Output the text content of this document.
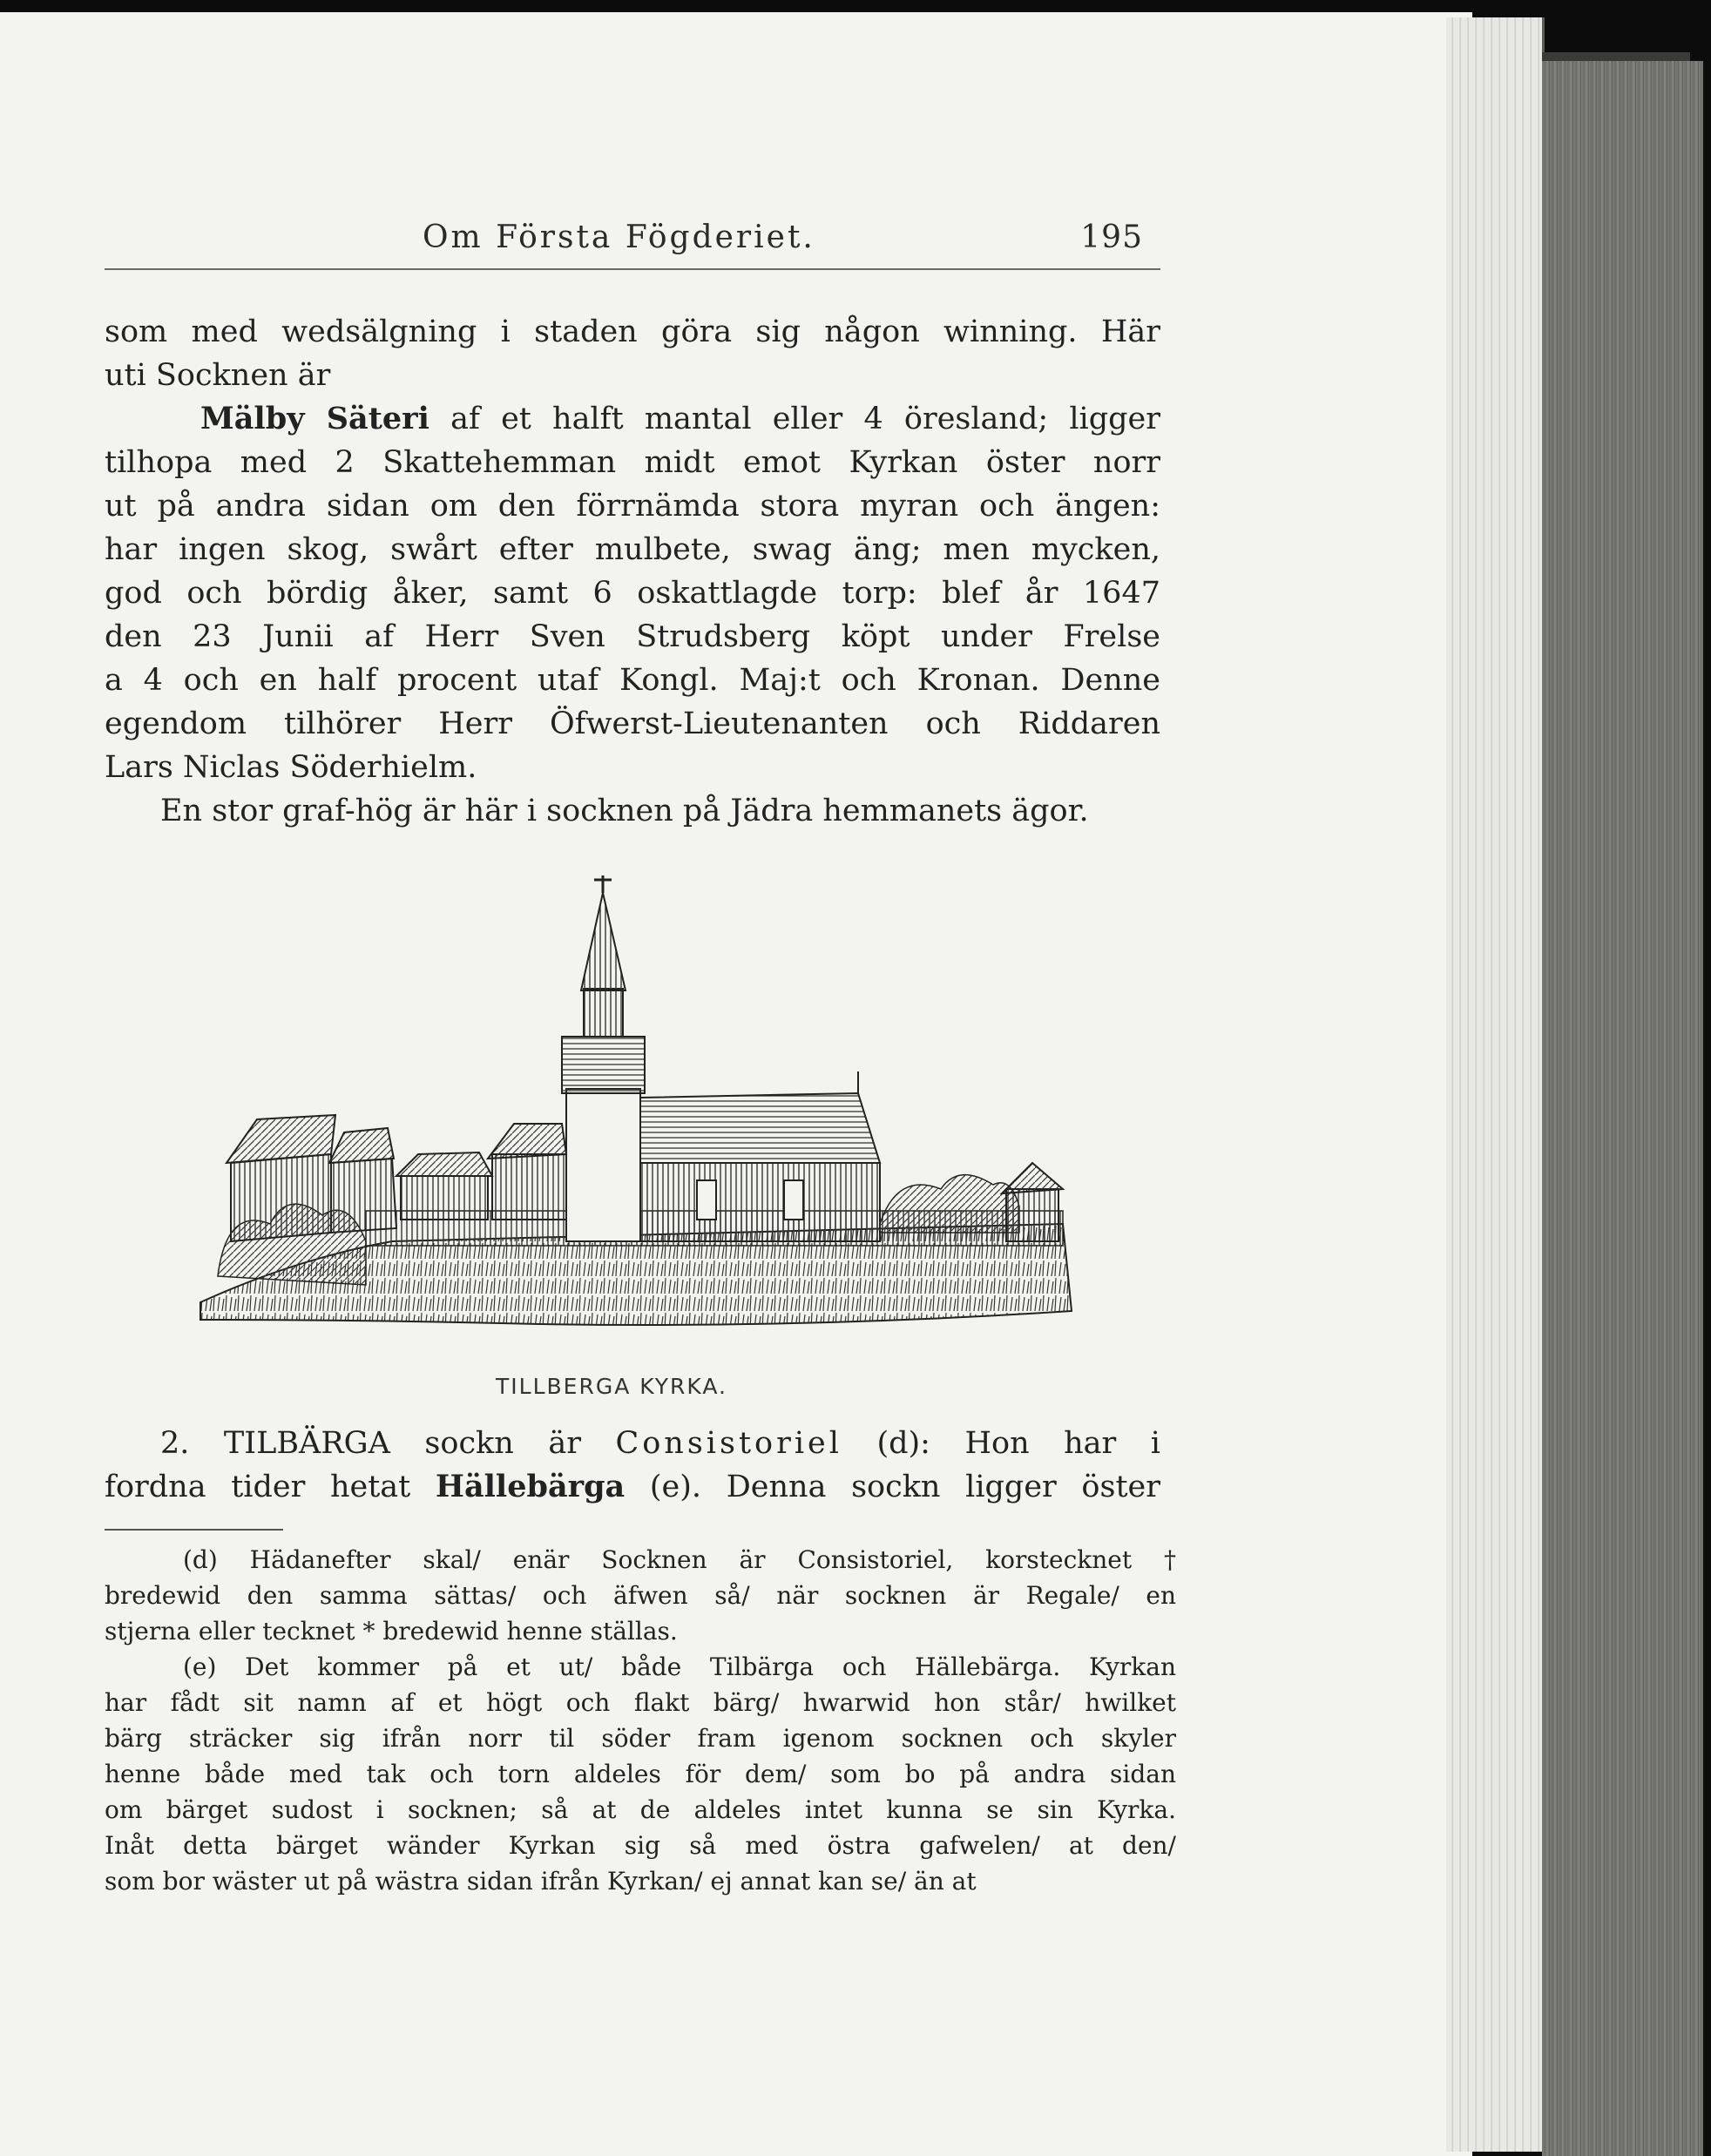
Om Första Fögderiet.	195
som med wedsälgning i staden göra sig någon winning. Här
uti Socknen är
Mälby Säteri af et halft mantal eller 4 öresland; ligger
tilhopa med 2 Skattehemman midt emot Kyrkan öster norr
ut på andra sidan om den förrnämda stora myran och ängen:
har ingen skog, swårt efter mulbete, swag äng; men mycken,
god och bördig åker, samt 6 oskattlagde torp: blef år 1647
den 23 Junii af Herr Sven Strudsberg köpt under Frelse
a 4 och en half procent utaf Kongl. Maj:t och Kronan. Denne
egendom tilhörer Herr Öfwerst-Lieutenanten och Riddaren
Lars Niclas Söderhielm.
En stor graf-hög är här i socknen på Jädra hemmanets ägor.
TILLBERGA KYRKA.
2. TILBÄRGA sockn är Consistoriel (d): Hon har i
fordna tider hetat Hällebärga (e). Denna sockn ligger öster
(d) Hädanefter skal/ enär Socknen är Consistoriel, korstecknet †
bredewid den samma sättas/ och äfwen så/ när socknen är Regale/ en
stjerna eller tecknet * bredewid henne ställas.
(e) Det kommer på et ut/ både Tilbärga och Hällebärga. Kyrkan
har fådt sit namn af et högt och flakt bärg/ hwarwid hon står/ hwilket
bärg sträcker sig ifrån norr til söder fram igenom socknen och skyler
henne både med tak och torn aldeles för dem/ som bo på andra sidan
om bärget sudost i socknen; så at de aldeles intet kunna se sin Kyrka.
Inåt detta bärget wänder Kyrkan sig så med östra gafwelen/ at den/
som bor wäster ut på wästra sidan ifrån Kyrkan/ ej annat kan se/ än at
